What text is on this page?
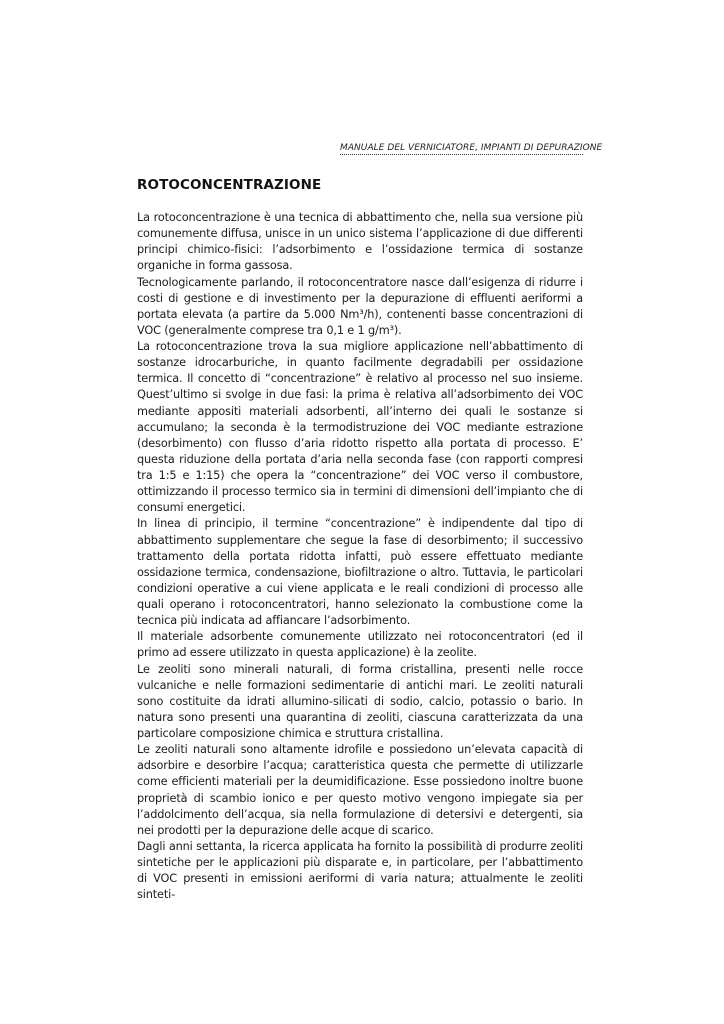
MANUALE DEL VERNICIATORE, IMPIANTI DI DEPURAZIONE
ROTOCONCENTRAZIONE

La rotoconcentrazione è una tecnica di abbattimento che, nella sua versione più comunemente diffusa, unisce in un unico sistema l’applicazione di due differenti principi chimico-fisici: l’adsorbimento e l’ossidazione termica di sostanze organiche in forma gassosa.

Tecnologicamente parlando, il rotoconcentratore nasce dall’esigenza di ridurre i costi di gestione e di investimento per la depurazione di effluenti aeriformi a portata elevata (a partire da 5.000 Nm³/h), contenenti basse concentrazioni di VOC (generalmente comprese tra 0,1 e 1 g/m³).

La rotoconcentrazione trova la sua migliore applicazione nell’abbattimento di sostanze idrocarburiche, in quanto facilmente degradabili per ossidazione termica. Il concetto di “concentrazione” è relativo al processo nel suo insieme. Quest’ultimo si svolge in due fasi: la prima è relativa all’adsorbimento dei VOC mediante appositi materiali adsorbenti, all’interno dei quali le sostanze si accumulano; la seconda è la termodistruzione dei VOC mediante estrazione (desorbimento) con flusso d’aria ridotto rispetto alla portata di processo. E’ questa riduzione della portata d’aria nella seconda fase (con rapporti compresi tra 1:5 e 1:15) che opera la “concentrazione” dei VOC verso il combustore, ottimizzando il processo termico sia in termini di dimensioni dell’impianto che di consumi energetici.

In linea di principio, il termine “concentrazione” è indipendente dal tipo di abbattimento supplementare che segue la fase di desorbimento; il successivo trattamento della portata ridotta infatti, può essere effettuato mediante ossidazione termica, condensazione, biofiltrazione o altro. Tuttavia, le particolari condizioni operative a cui viene applicata e le reali condizioni di processo alle quali operano i rotoconcentratori, hanno selezionato la combustione come la tecnica più indicata ad affiancare l’adsorbimento.

Il materiale adsorbente comunemente utilizzato nei rotoconcentratori (ed il primo ad essere utilizzato in questa applicazione) è la zeolite.

Le zeoliti sono minerali naturali, di forma cristallina, presenti nelle rocce vulcaniche e nelle formazioni sedimentarie di antichi mari. Le zeoliti naturali sono costituite da idrati allumino-silicati di sodio, calcio, potassio o bario. In natura sono presenti una quarantina di zeoliti, ciascuna caratterizzata da una particolare composizione chimica e struttura cristallina.

Le zeoliti naturali sono altamente idrofile e possiedono un’elevata capacità di adsorbire e desorbire l’acqua; caratteristica questa che permette di utilizzarle come efficienti materiali per la deumidificazione. Esse possiedono inoltre buone proprietà di scambio ionico e per questo motivo vengono impiegate sia per l’addolcimento dell’acqua, sia nella formulazione di detersivi e detergenti, sia nei prodotti per la depurazione delle acque di scarico.

Dagli anni settanta, la ricerca applicata ha fornito la possibilità di produrre zeoliti sintetiche per le applicazioni più disparate e, in particolare, per l’abbattimento di VOC presenti in emissioni aeriformi di varia natura; attualmente le zeoliti sinteti-
